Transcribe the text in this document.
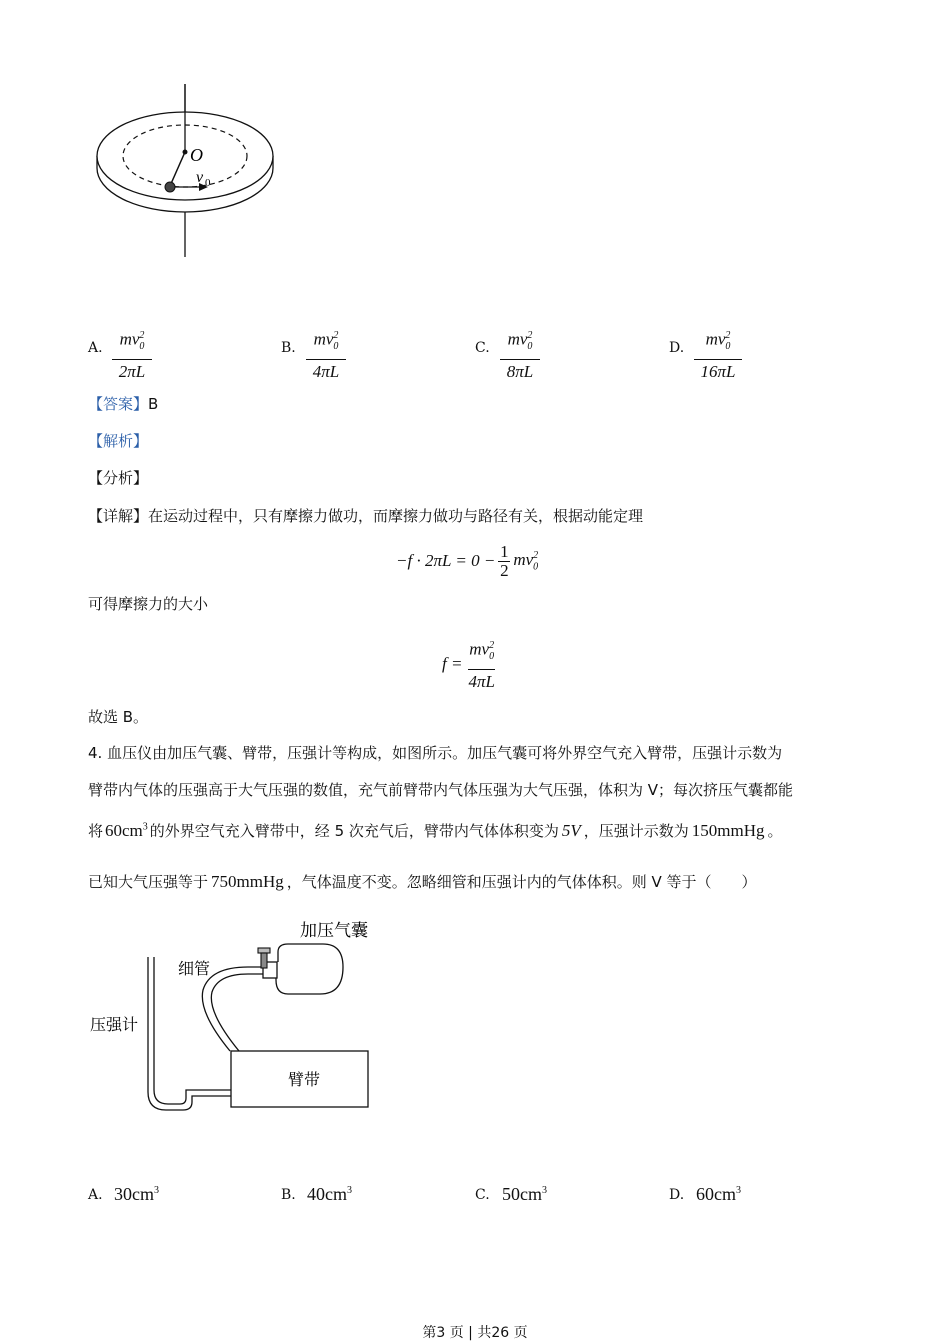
O
v 0
A.	$mv_0^2$
2πL
B.	$mv_0^2$
4πL
C.	$mv_0^2$
8πL
D.	$mv_0^2$
16πL
【答案】B
【解析】
【分析】
【详解】在运动过程中，只有摩擦力做功，而摩擦力做功与路径有关，根据动能定理
−f · 2πL = 0 − 1
2
$mv_0^2$
可得摩擦力的大小
f =
$mv_0^2$
4πL
故选 B。
4. 血压仪由加压气囊、臂带，压强计等构成，如图所示。加压气囊可将外界空气充入臂带，压强计示数为
臂带内气体的压强高于大气压强的数值，充气前臂带内气体压强为大气压强，体积为 V；每次挤压气囊都能
将 $60cm^3$ 的外界空气充入臂带中，经 5 次充气后，臂带内气体体积变为 5V ，压强计示数为 150mmHg 。
已知大气压强等于 750mmHg ，气体温度不变。忽略细管和压强计内的气体体积。则 V 等于（　　）
加压气囊
细管
压强计
臂带
A. $30cm^3$	B. $40cm^3$	C. $50cm^3$	D. $60cm^3$
第3 页 | 共26 页
